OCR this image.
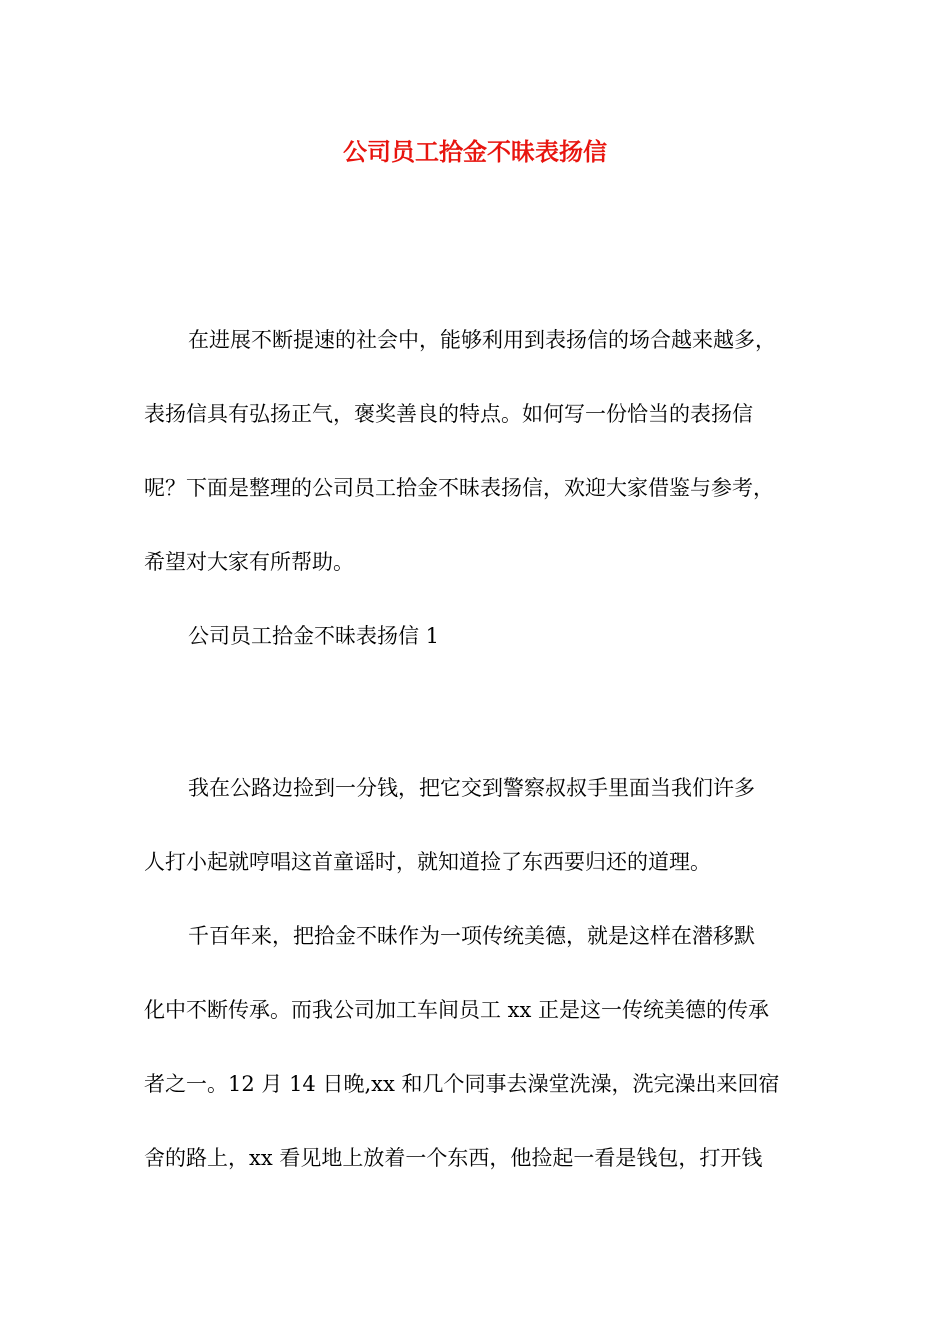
公司员工拾金不昧表扬信
在进展不断提速的社会中，能够利用到表扬信的场合越来越多，
表扬信具有弘扬正气，褒奖善良的特点。如何写一份恰当的表扬信
呢？下面是整理的公司员工拾金不昧表扬信，欢迎大家借鉴与参考，
希望对大家有所帮助。
公司员工拾金不昧表扬信 1
我在公路边捡到一分钱，把它交到警察叔叔手里面当我们许多
人打小起就哼唱这首童谣时，就知道捡了东西要归还的道理。
千百年来，把拾金不昧作为一项传统美德，就是这样在潜移默
化中不断传承。而我公司加工车间员工 xx 正是这一传统美德的传承
者之一。12 月 14 日晚,xx 和几个同事去澡堂洗澡，洗完澡出来回宿
舍的路上，xx 看见地上放着一个东西，他捡起一看是钱包，打开钱
